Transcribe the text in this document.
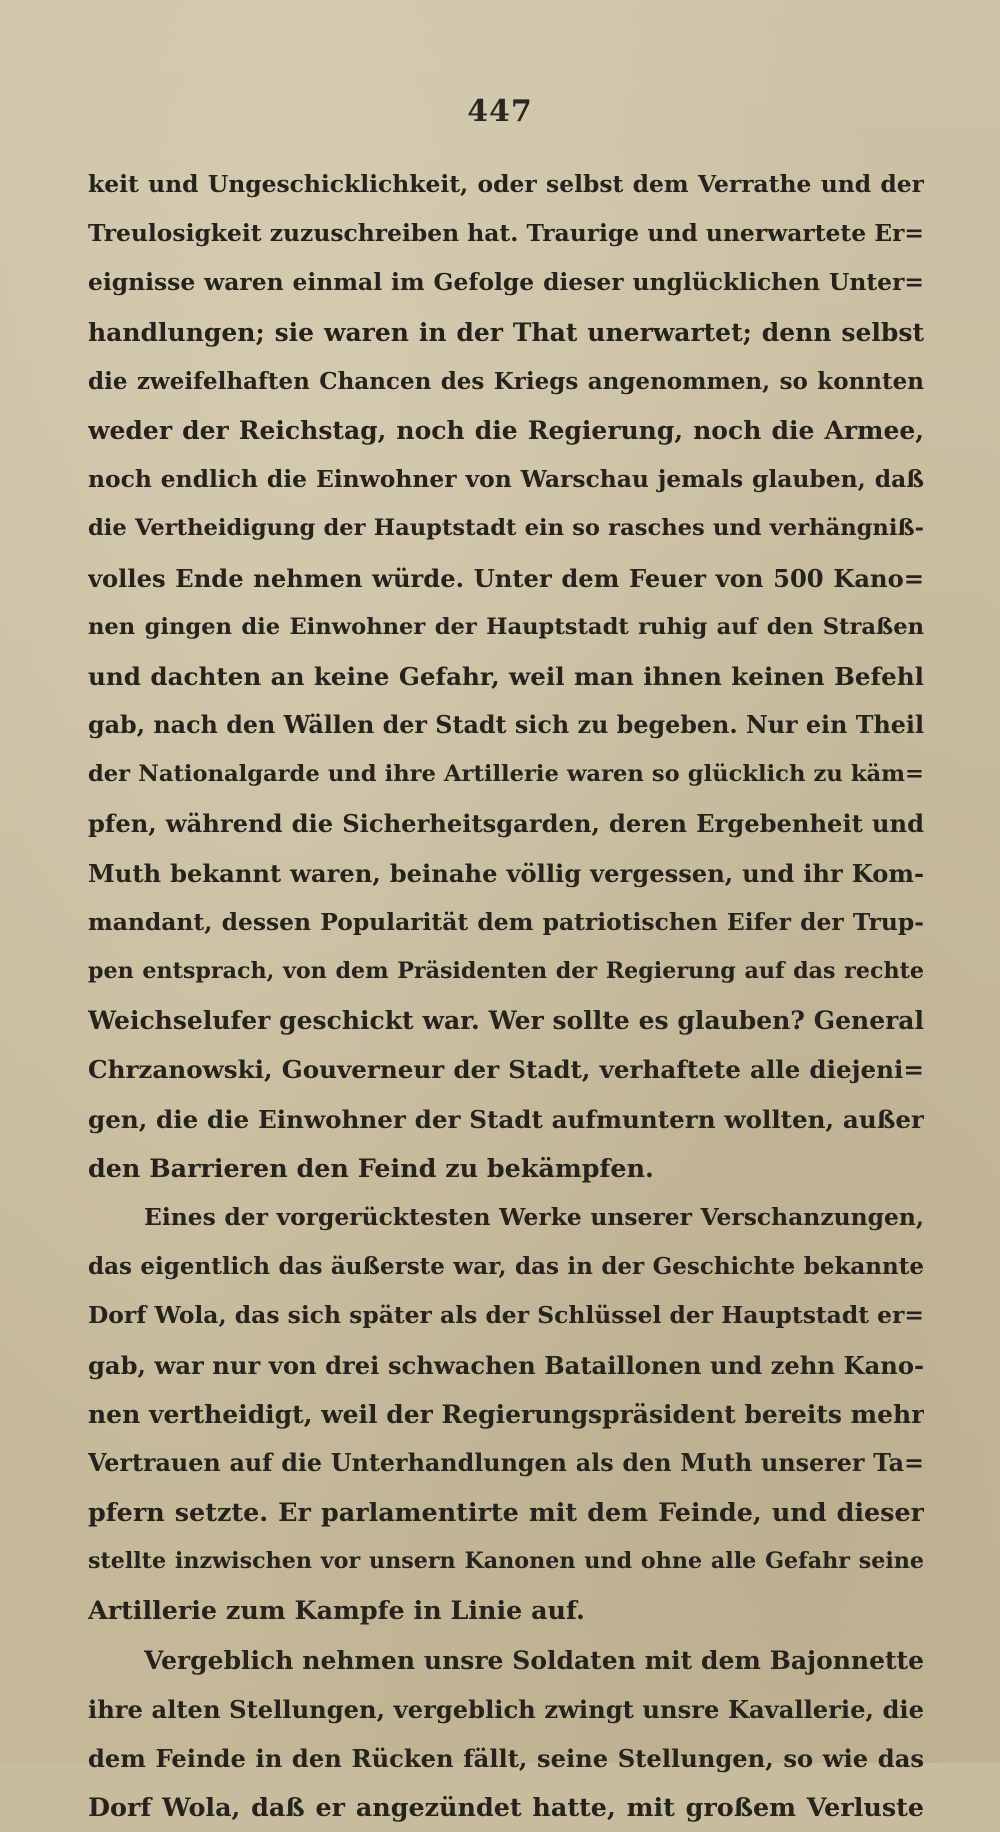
447
keit und Ungeschicklichkeit, oder selbst dem Verrathe und der
Treulosigkeit zuzuschreiben hat. Traurige und unerwartete Er=
eignisse waren einmal im Gefolge dieser unglücklichen Unter=
handlungen; sie waren in der That unerwartet; denn selbst
die zweifelhaften Chancen des Kriegs angenommen, so konnten
weder der Reichstag, noch die Regierung, noch die Armee,
noch endlich die Einwohner von Warschau jemals glauben, daß
die Vertheidigung der Hauptstadt ein so rasches und verhängniß-
volles Ende nehmen würde. Unter dem Feuer von 500 Kano=
nen gingen die Einwohner der Hauptstadt ruhig auf den Straßen
und dachten an keine Gefahr, weil man ihnen keinen Befehl
gab, nach den Wällen der Stadt sich zu begeben. Nur ein Theil
der Nationalgarde und ihre Artillerie waren so glücklich zu käm=
pfen, während die Sicherheitsgarden, deren Ergebenheit und
Muth bekannt waren, beinahe völlig vergessen, und ihr Kom-
mandant, dessen Popularität dem patriotischen Eifer der Trup-
pen entsprach, von dem Präsidenten der Regierung auf das rechte
Weichselufer geschickt war. Wer sollte es glauben? General
Chrzanowski, Gouverneur der Stadt, verhaftete alle diejeni=
gen, die die Einwohner der Stadt aufmuntern wollten, außer
den Barrieren den Feind zu bekämpfen.
Eines der vorgerücktesten Werke unserer Verschanzungen,
das eigentlich das äußerste war, das in der Geschichte bekannte
Dorf Wola, das sich später als der Schlüssel der Hauptstadt er=
gab, war nur von drei schwachen Bataillonen und zehn Kano-
nen vertheidigt, weil der Regierungspräsident bereits mehr
Vertrauen auf die Unterhandlungen als den Muth unserer Ta=
pfern setzte. Er parlamentirte mit dem Feinde, und dieser
stellte inzwischen vor unsern Kanonen und ohne alle Gefahr seine
Artillerie zum Kampfe in Linie auf.
Vergeblich nehmen unsre Soldaten mit dem Bajonnette
ihre alten Stellungen, vergeblich zwingt unsre Kavallerie, die
dem Feinde in den Rücken fällt, seine Stellungen, so wie das
Dorf Wola, daß er angezündet hatte, mit großem Verluste
